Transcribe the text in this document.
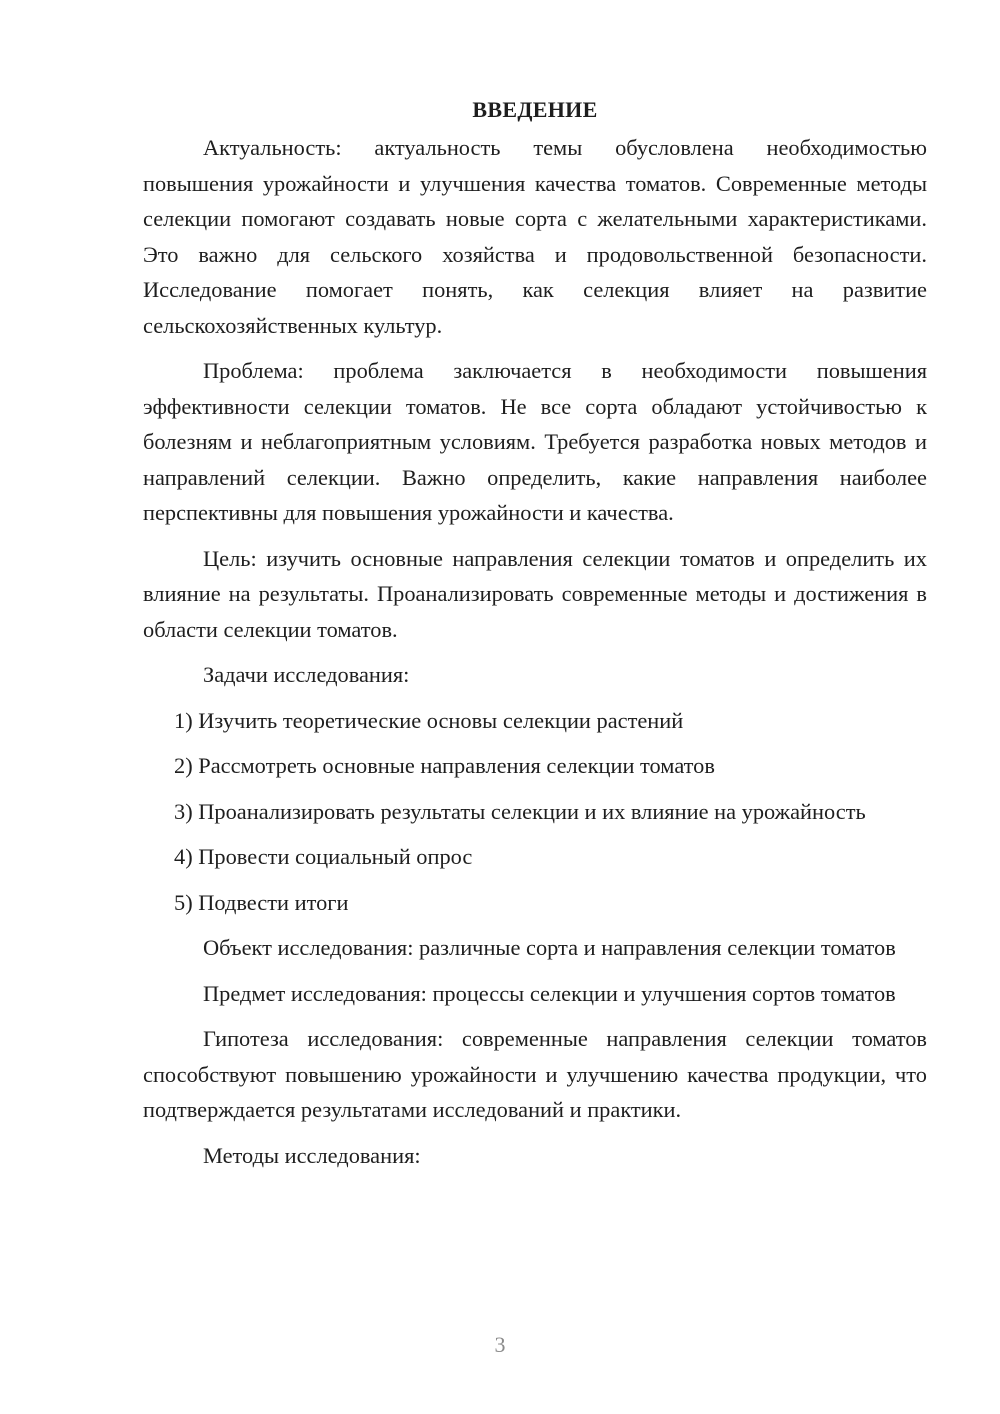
ВВЕДЕНИЕ

Актуальность: актуальность темы обусловлена необходимостью повышения урожайности и улучшения качества томатов. Современные методы селекции помогают создавать новые сорта с желательными характеристиками. Это важно для сельского хозяйства и продовольственной безопасности. Исследование помогает понять, как селекция влияет на развитие сельскохозяйственных культур.

Проблема: проблема заключается в необходимости повышения эффективности селекции томатов. Не все сорта обладают устойчивостью к болезням и неблагоприятным условиям. Требуется разработка новых методов и направлений селекции. Важно определить, какие направления наиболее перспективны для повышения урожайности и качества.

Цель: изучить основные направления селекции томатов и определить их влияние на результаты. Проанализировать современные методы и достижения в области селекции томатов.

Задачи исследования:

1) Изучить теоретические основы селекции растений

2) Рассмотреть основные направления селекции томатов

3) Проанализировать результаты селекции и их влияние на урожайность

4) Провести социальный опрос

5) Подвести итоги

Объект исследования: различные сорта и направления селекции томатов

Предмет исследования: процессы селекции и улучшения сортов томатов

Гипотеза исследования: современные направления селекции томатов способствуют повышению урожайности и улучшению качества продукции, что подтверждается результатами исследований и практики.

Методы исследования:

3
